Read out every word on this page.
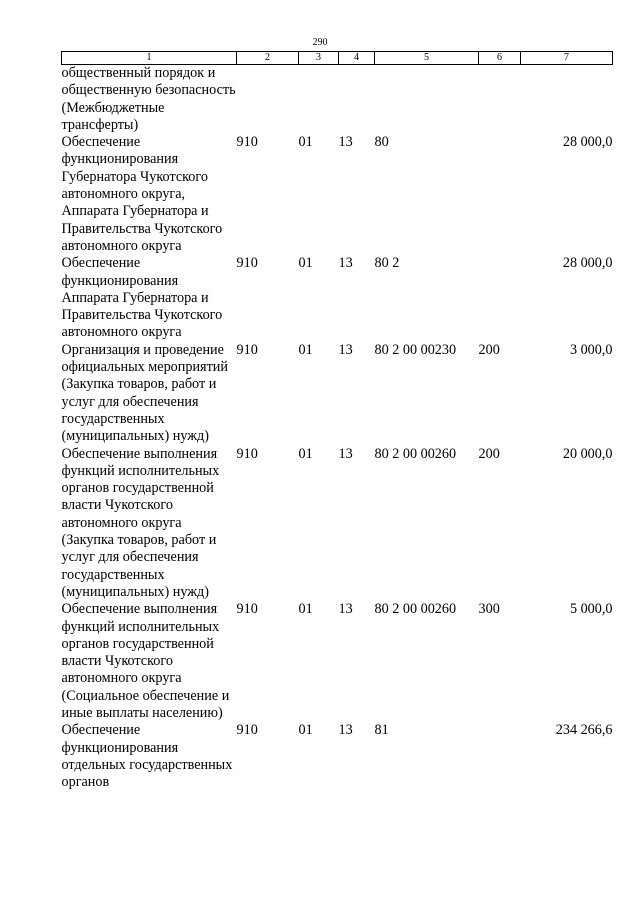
290
1	2	3	4	5	6	7
общественный порядок и общественную безопасность (Межбюджетные трансферты)						
Обеспечение функционирования Губернатора Чукотского автономного округа, Аппарата Губернатора и Правительства Чукотского автономного округа	910	01	13	80		28 000,0
Обеспечение функционирования Аппарата Губернатора и Правительства Чукотского автономного округа	910	01	13	80 2		28 000,0
Организация и проведение официальных мероприятий (Закупка товаров, работ и услуг для обеспечения государственных (муниципальных) нужд)	910	01	13	80 2 00 00230	200	3 000,0
Обеспечение выполнения функций исполнительных органов государственной власти Чукотского автономного округа (Закупка товаров, работ и услуг для обеспечения государственных (муниципальных) нужд)	910	01	13	80 2 00 00260	200	20 000,0
Обеспечение выполнения функций исполнительных органов государственной власти Чукотского автономного округа (Социальное обеспечение и иные выплаты населению)	910	01	13	80 2 00 00260	300	5 000,0
Обеспечение функционирования отдельных государственных органов	910	01	13	81		234 266,6
